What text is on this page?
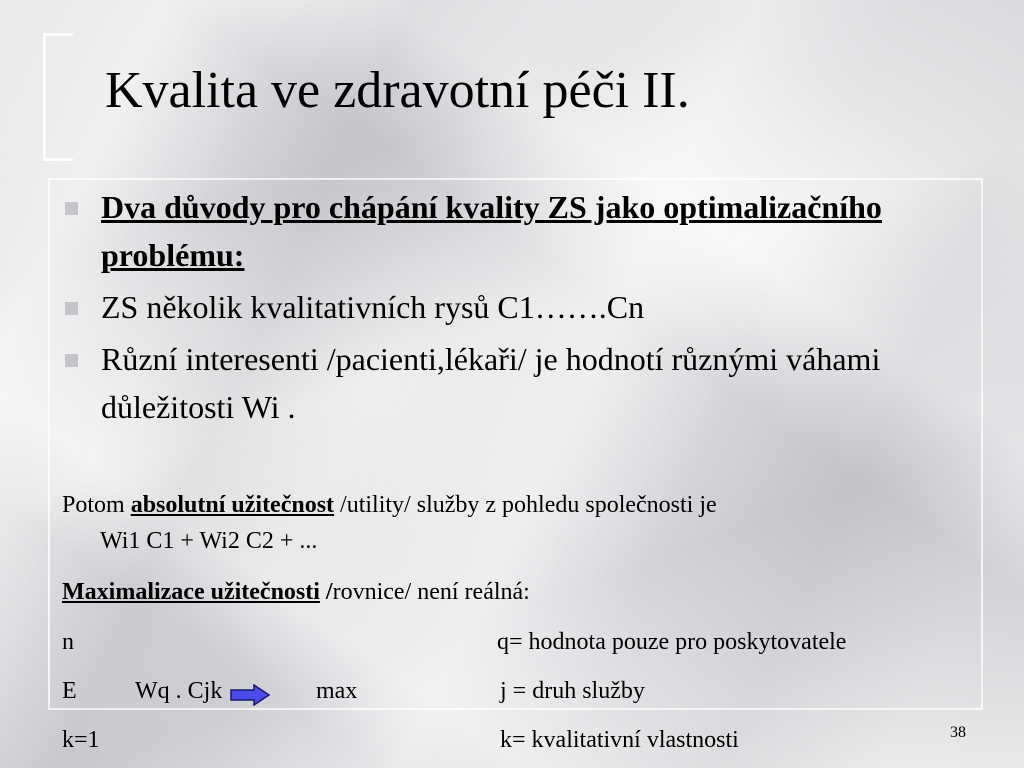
Kvalita ve zdravotní péči II.
Dva důvody pro chápání kvality ZS jako optimalizačního problému:
ZS několik kvalitativních rysů C1…….Cn
Různí interesenti /pacienti,lékaři/ je hodnotí různými váhami důležitosti Wi .
Potom absolutní užitečnost /utility/ služby z pohledu společnosti je
Wi1 C1 + Wi2 C2 + ...
Maximalizace užitečnosti /rovnice/ není reálná:
n	q= hodnota pouze pro poskytovatele
E Wq . Cjk	max	j = druh služby
k=1	k= kvalitativní vlastnosti	38
